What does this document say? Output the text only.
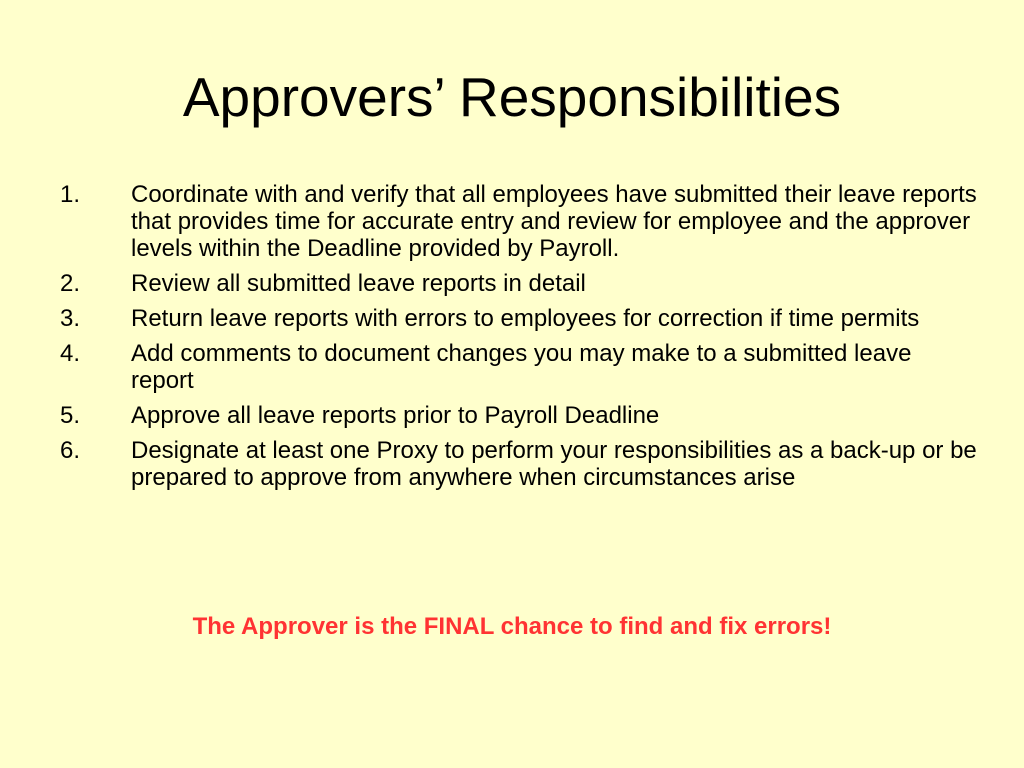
Approvers’ Responsibilities
1. Coordinate with and verify that all employees have submitted their leave reports that provides time for accurate entry and review for employee and the approver levels within the Deadline provided by Payroll.
2. Review all submitted leave reports in detail
3. Return leave reports with errors to employees for correction if time permits
4. Add comments to document changes you may make to a submitted leave report
5. Approve all leave reports prior to Payroll Deadline
6. Designate at least one Proxy to perform your responsibilities as a back-up or be prepared to approve from anywhere when circumstances arise
The Approver is the FINAL chance to find and fix errors!
